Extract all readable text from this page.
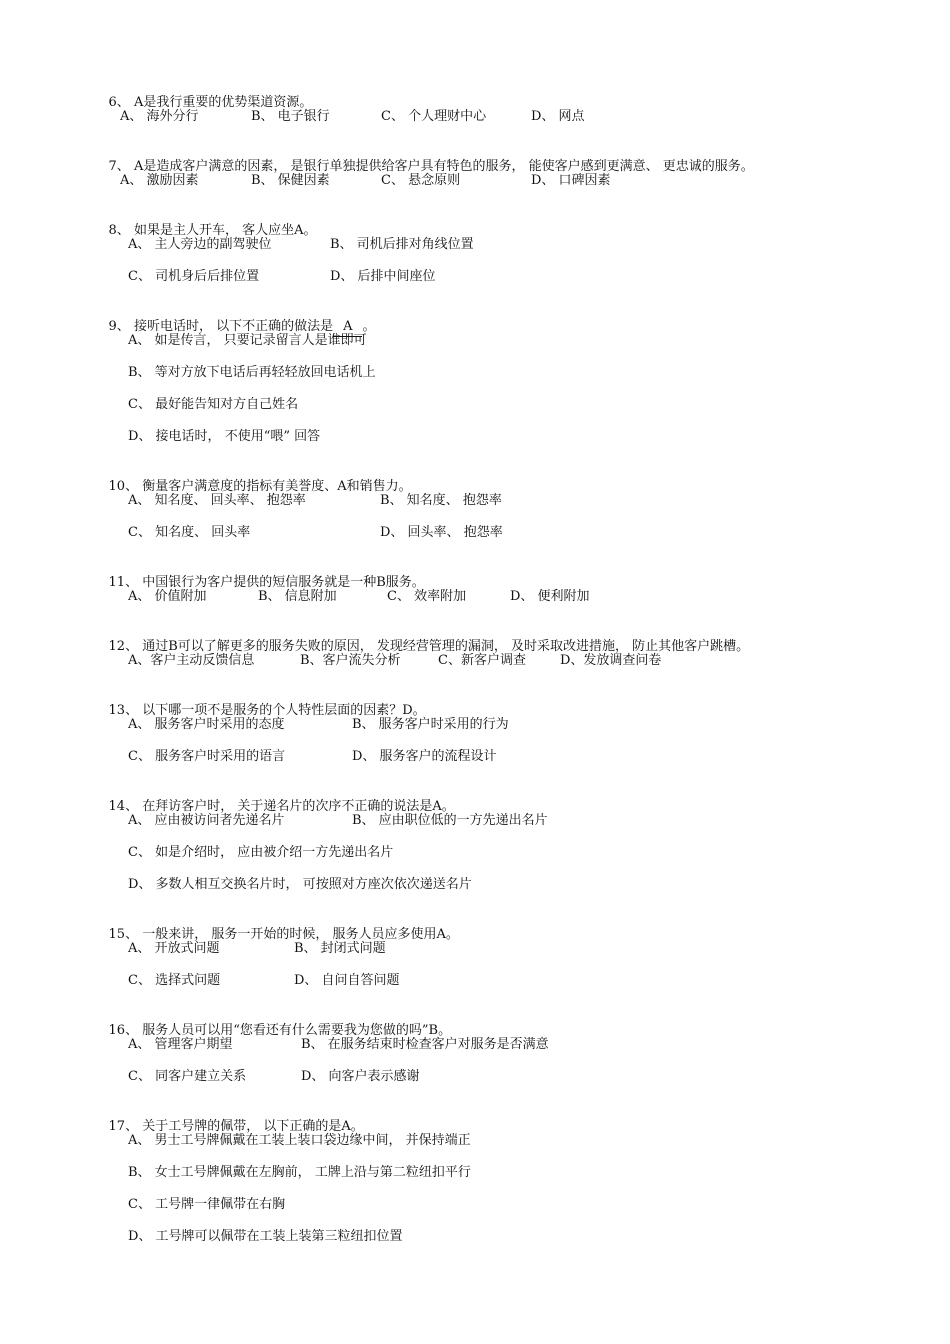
6、 A是我行重要的优势渠道资源。

A、 海外分行	B、 电子银行	C、 个人理财中心	D、 网点

7、 A是造成客户满意的因素， 是银行单独提供给客户具有特色的服务， 能使客户感到更满意、 更忠诚的服务。

A、 激励因素	B、 保健因素	C、 悬念原则	D、 口碑因素

8、 如果是主人开车， 客人应坐A。

A、 主人旁边的副驾驶位	B、 司机后排对角线位置
C、 司机身后后排位置	D、 后排中间座位

9、 接听电话时， 以下不正确的做法是 A 。

A、 如是传言， 只要记录留言人是谁即可
B、 等对方放下电话后再轻轻放回电话机上
C、 最好能告知对方自己姓名
D、 接电话时， 不使用“喂” 回答

10、 衡量客户满意度的指标有美誉度、A和销售力。

A、 知名度、 回头率、 抱怨率	B、 知名度、 抱怨率
C、 知名度、 回头率	D、 回头率、 抱怨率

11、 中国银行为客户提供的短信服务就是一种B服务。

A、 价值附加	B、 信息附加	C、 效率附加	D、 便利附加

12、 通过B可以了解更多的服务失败的原因， 发现经营管理的漏洞， 及时采取改进措施， 防止其他客户跳槽。

A、客户主动反馈信息	B、客户流失分析	C、新客户调查	D、发放调查问卷

13、 以下哪一项不是服务的个人特性层面的因素？D。

A、 服务客户时采用的态度	B、 服务客户时采用的行为
C、 服务客户时采用的语言	D、 服务客户的流程设计

14、 在拜访客户时， 关于递名片的次序不正确的说法是A。

A、 应由被访问者先递名片	B、 应由职位低的一方先递出名片
C、 如是介绍时， 应由被介绍一方先递出名片
D、 多数人相互交换名片时， 可按照对方座次依次递送名片

15、 一般来讲， 服务一开始的时候， 服务人员应多使用A。

A、 开放式问题	B、 封闭式问题
C、 选择式问题	D、 自问自答问题

16、 服务人员可以用“您看还有什么需要我为您做的吗”B。

A、 管理客户期望	B、 在服务结束时检查客户对服务是否满意
C、 同客户建立关系	D、 向客户表示感谢

17、 关于工号牌的佩带， 以下正确的是A。

A、 男士工号牌佩戴在工装上装口袋边缘中间， 并保持端正
B、 女士工号牌佩戴在左胸前， 工牌上沿与第二粒纽扣平行
C、 工号牌一律佩带在右胸
D、 工号牌可以佩带在工装上装第三粒纽扣位置
